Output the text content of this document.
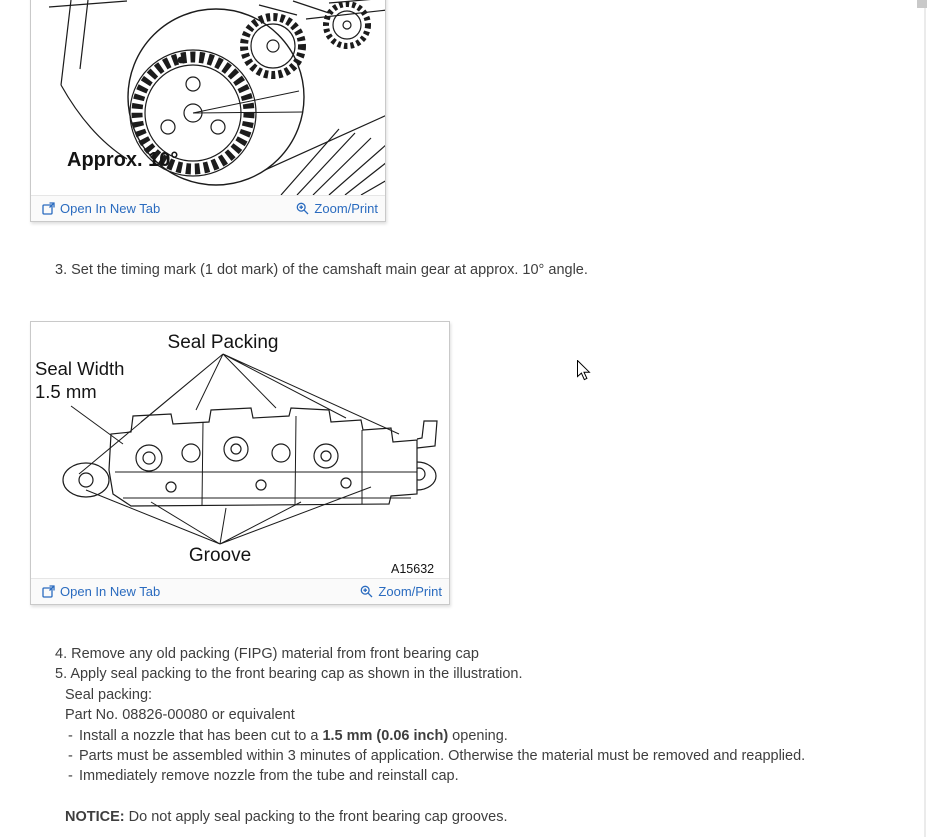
Approx. 10°
Open In New Tab	Zoom/Print
3. Set the timing mark (1 dot mark) of the camshaft main gear at approx. 10° angle.
Seal Packing
Seal Width
1.5 mm
Groove
A15632
Open In New Tab	Zoom/Print
4. Remove any old packing (FIPG) material from front bearing cap
5. Apply seal packing to the front bearing cap as shown in the illustration.
Seal packing:
Part No. 08826-00080 or equivalent
- Install a nozzle that has been cut to a 1.5 mm (0.06 inch) opening.
- Parts must be assembled within 3 minutes of application. Otherwise the material must be removed and reapplied.
- Immediately remove nozzle from the tube and reinstall cap.
NOTICE: Do not apply seal packing to the front bearing cap grooves.
